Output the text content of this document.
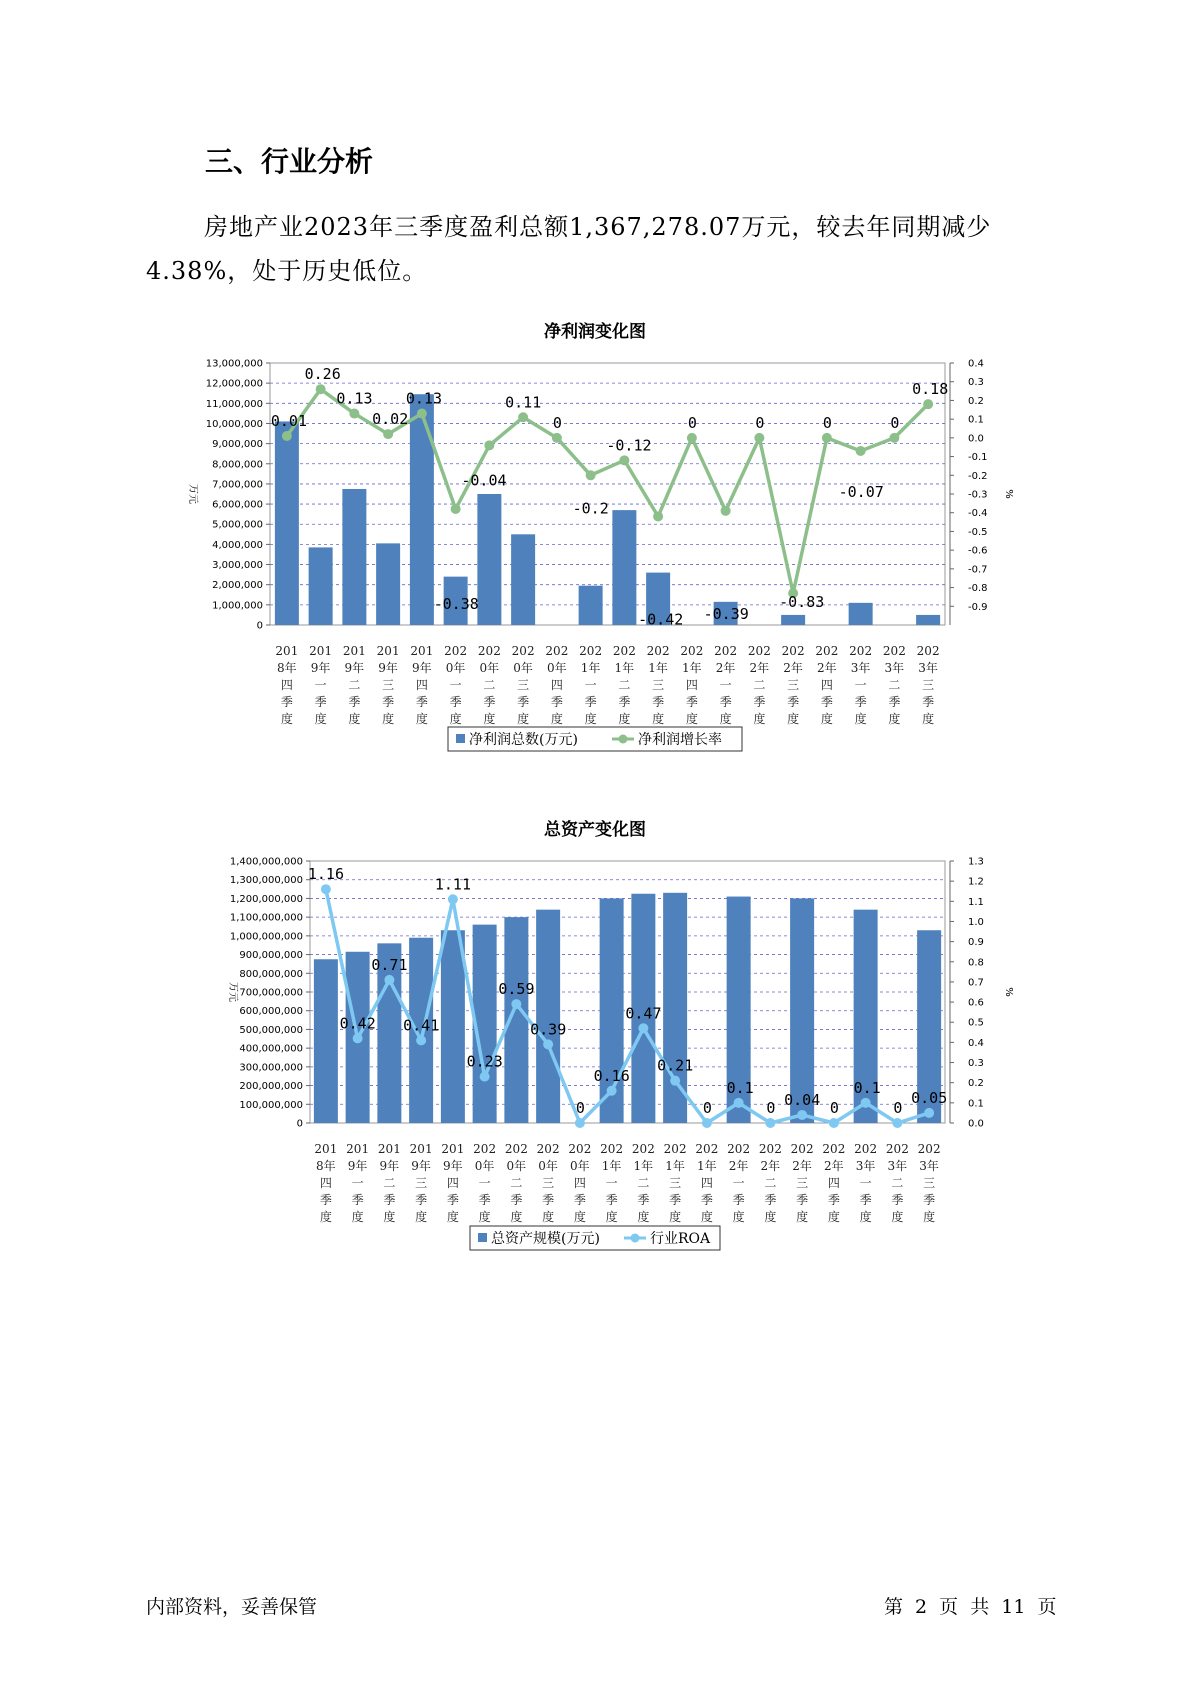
三、行业分析
房地产业2023年三季度盈利总额1,367,278.07万元，较去年同期减少4.38%，处于历史低位。
净利润变化图
13,000,000
12,000,000
11,000,000
10,000,000
9,000,000
8,000,000
7,000,000
6,000,000
5,000,000
4,000,000
3,000,000
2,000,000
1,000,000
0
0.4
0.3
0.2
0.1
0.0
-0.1
-0.2
-0.3
-0.4
-0.5
-0.6
-0.7
-0.8
-0.9
万元	%
201
8年
四
季
度
201
9年
一
季
度
201
9年
二
季
度
201
9年
三
季
度
201
9年
四
季
度
202
0年
一
季
度
202
0年
二
季
度
202
0年
三
季
度
202
0年
四
季
度
202
1年
一
季
度
202
1年
二
季
度
202
1年
三
季
度
202
1年
四
季
度
202
2年
一
季
度
202
2年
二
季
度
202
2年
三
季
度
202
2年
四
季
度
202
3年
一
季
度
202
3年
二
季
度
202
3年
三
季
度
0.01
0.26
0.13
0.02
0.13
-0.38
-0.04
0.11
0
-0.2
-0.12
-0.42
0
-0.39
0
-0.83
0
-0.07
0
0.18
净利润总数(万元)	净利润增长率
总资产变化图
1,400,000,000
1,300,000,000
1,200,000,000
1,100,000,000
1,000,000,000
900,000,000
800,000,000
700,000,000
600,000,000
500,000,000
400,000,000
300,000,000
200,000,000
100,000,000
0
1.3
1.2
1.1
1.0
0.9
0.8
0.7
0.6
0.5
0.4
0.3
0.2
0.1
0.0
万元	%
201
8年
四
季
度
201
9年
一
季
度
201
9年
二
季
度
201
9年
三
季
度
201
9年
四
季
度
202
0年
一
季
度
202
0年
二
季
度
202
0年
三
季
度
202
0年
四
季
度
202
1年
一
季
度
202
1年
二
季
度
202
1年
三
季
度
202
1年
四
季
度
202
2年
一
季
度
202
2年
二
季
度
202
2年
三
季
度
202
2年
四
季
度
202
3年
一
季
度
202
3年
二
季
度
202
3年
三
季
度
1.16
0.42
0.71
0.41
1.11
0.23
0.59
0.39
0
0.16
0.47
0.21
0
0.1
0 0.04 0
0.1
0
0.05
总资产规模(万元)	行业ROA
内部资料，妥善保管	第 2 页 共 11 页
